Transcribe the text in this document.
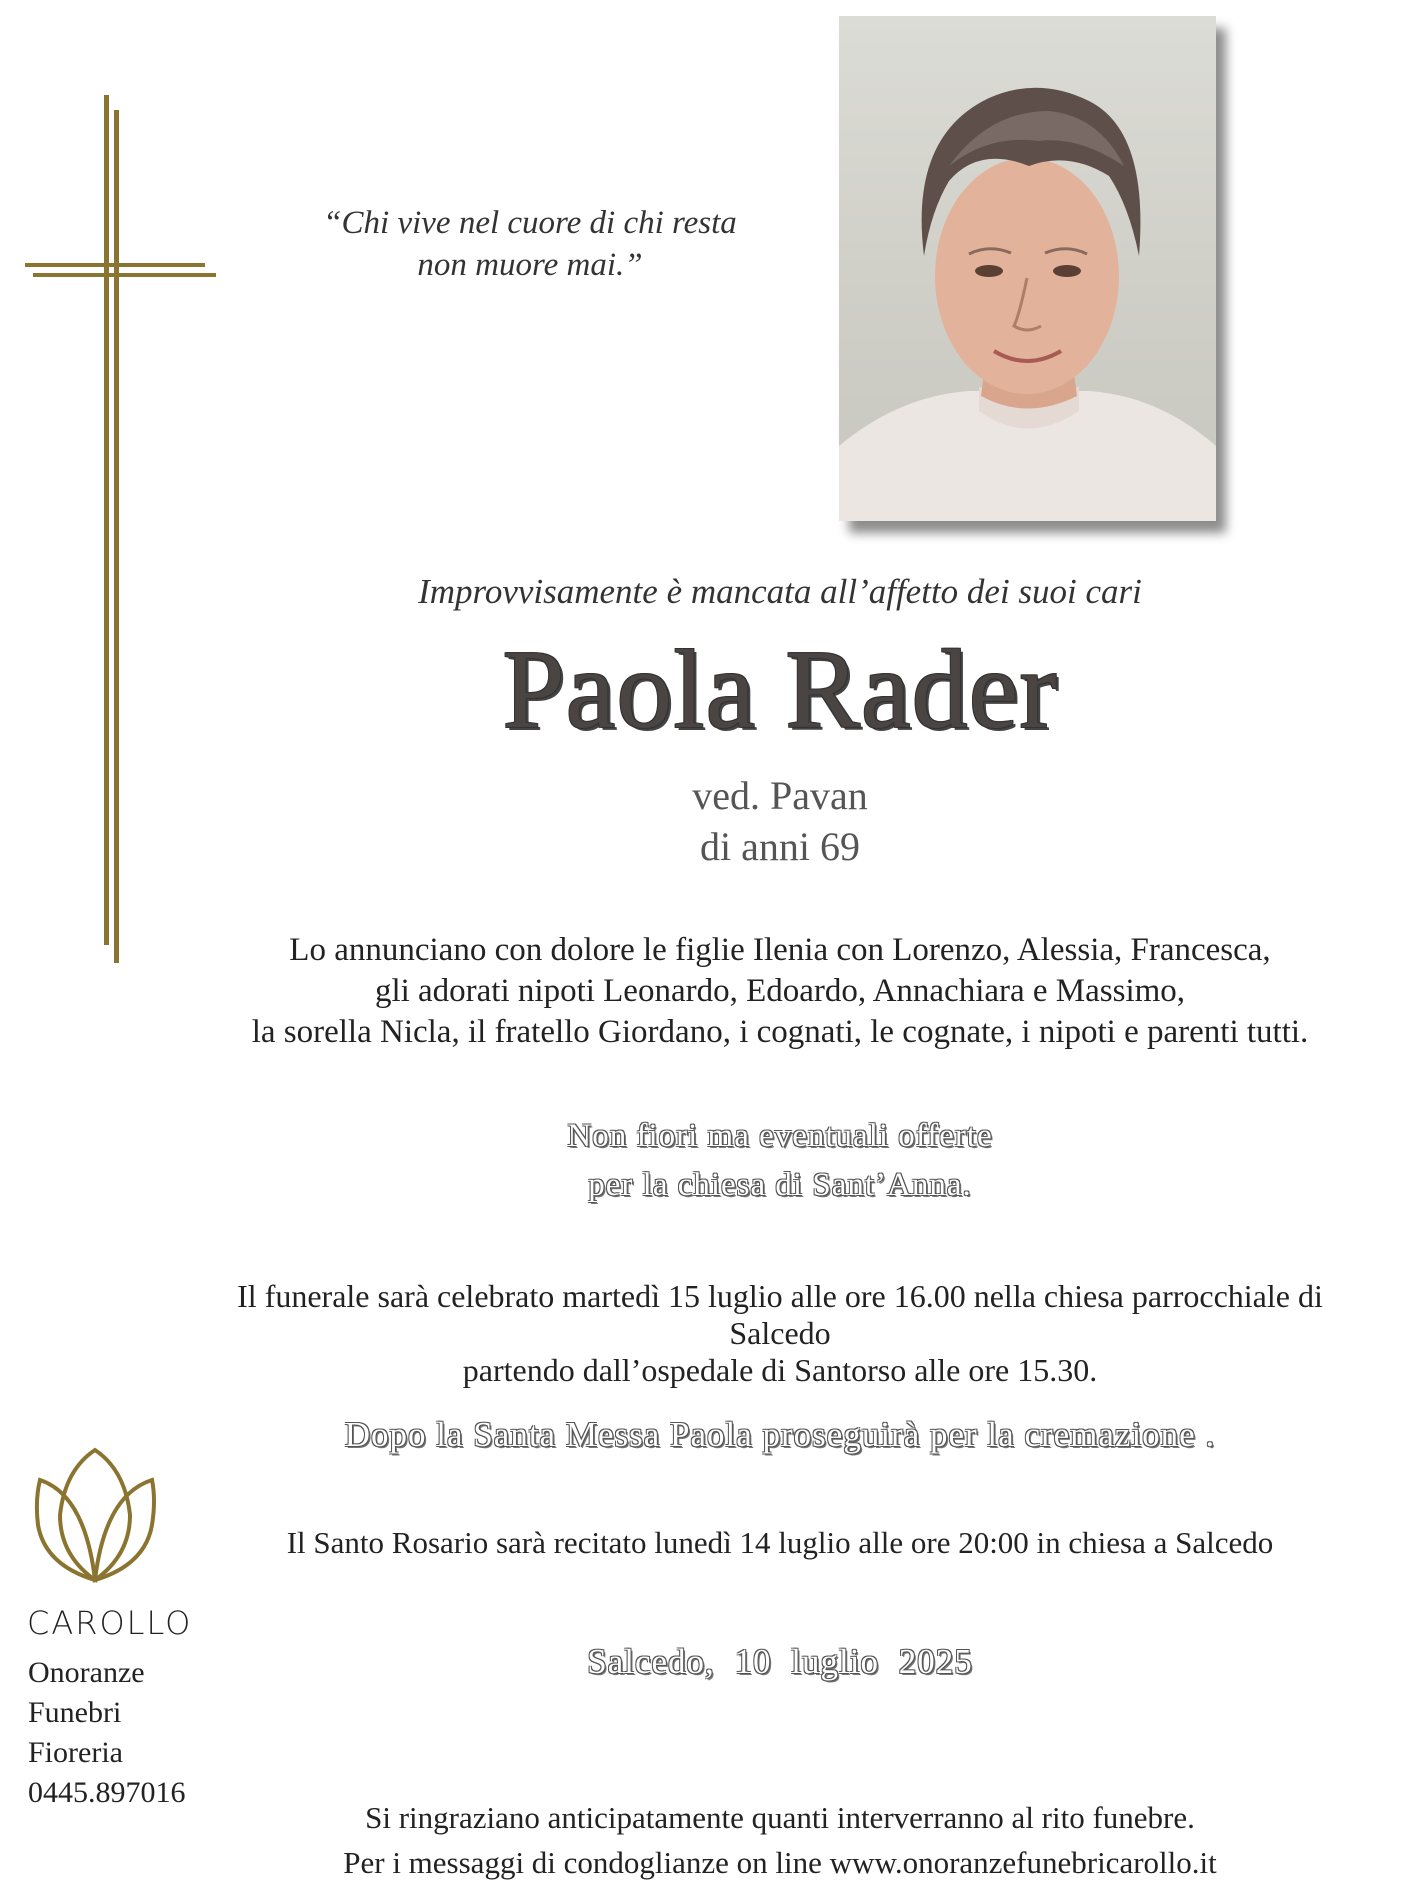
“Chi vive nel cuore di chi resta
non muore mai.”
Improvvisamente è mancata all’affetto dei suoi cari
Paola Rader
ved. Pavan
di anni 69
Lo annunciano con dolore le figlie Ilenia con Lorenzo, Alessia, Francesca,
gli adorati nipoti Leonardo, Edoardo, Annachiara e Massimo,
la sorella Nicla, il fratello Giordano, i cognati, le cognate, i nipoti e parenti tutti.
Non fiori ma eventuali offerte
per la chiesa di Sant’Anna.
Il funerale sarà celebrato martedì 15 luglio alle ore 16.00 nella chiesa parrocchiale di Salcedo
partendo dall’ospedale di Santorso alle ore 15.30.
Dopo la Santa Messa Paola proseguirà per la cremazione .
Il Santo Rosario sarà recitato lunedì 14 luglio alle ore 20:00 in chiesa a Salcedo
Salcedo, 10 luglio 2025
Si ringraziano anticipatamente quanti interverranno al rito funebre.
Per i messaggi di condoglianze on line www.onoranzefunebricarollo.it
CAROLLO
Onoranze
Funebri
Fioreria
0445.897016
